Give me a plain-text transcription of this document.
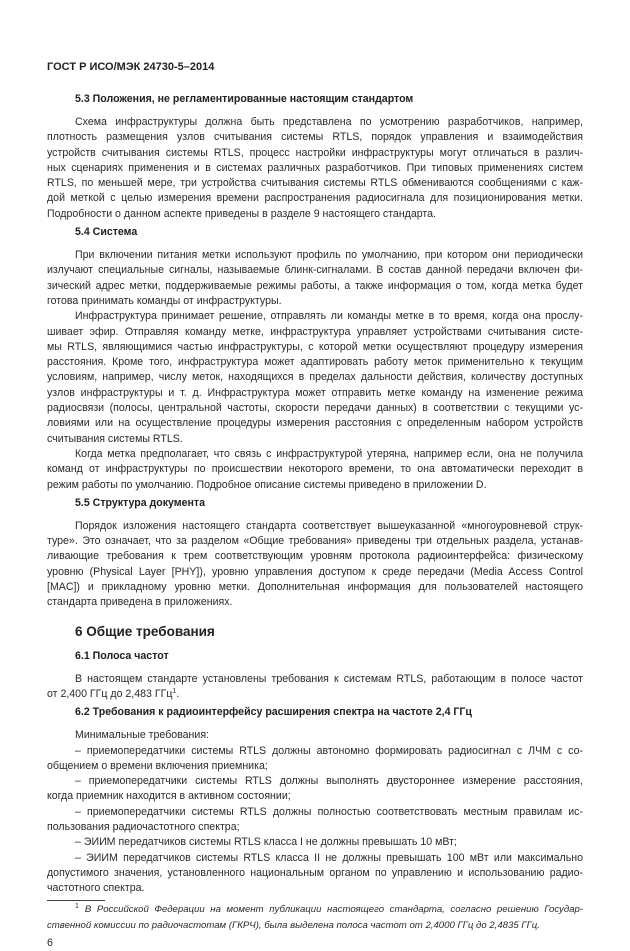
ГОСТ Р ИСО/МЭК 24730-5–2014
5.3 Положения, не регламентированные настоящим стандартом
Схема инфраструктуры должна быть представлена по усмотрению разработчиков, например,
плотность размещения узлов считывания системы RTLS, порядок управления и взаимодействия
устройств считывания системы RTLS, процесс настройки инфраструктуры могут отличаться в различ-
ных сценариях применения и в системах различных разработчиков. При типовых применениях систем
RTLS, по меньшей мере, три устройства считывания системы RTLS обмениваются сообщениями с каж-
дой меткой с целью измерения времени распространения радиосигнала для позиционирования метки.
Подробности о данном аспекте приведены в разделе 9 настоящего стандарта.
5.4 Система
При включении питания метки используют профиль по умолчанию, при котором они периодически
излучают специальные сигналы, называемые блинк-сигналами. В состав данной передачи включен фи-
зический адрес метки, поддерживаемые режимы работы, а также информация о том, когда метка будет
готова принимать команды от инфраструктуры.
Инфраструктура принимает решение, отправлять ли команды метке в то время, когда она прослу-
шивает эфир. Отправляя команду метке, инфраструктура управляет устройствами считывания систе-
мы RTLS, являющимися частью инфраструктуры, с которой метки осуществляют процедуру измерения
расстояния. Кроме того, инфраструктура может адаптировать работу меток применительно к текущим
условиям, например, числу меток, находящихся в пределах дальности действия, количеству доступных
узлов инфраструктуры и т. д. Инфраструктура может отправить метке команду на изменение режима
радиосвязи (полосы, центральной частоты, скорости передачи данных) в соответствии с текущими ус-
ловиями или на осуществление процедуры измерения расстояния с определенным набором устройств
считывания системы RTLS.
Когда метка предполагает, что связь с инфраструктурой утеряна, например если, она не получила
команд от инфраструктуры по происшествии некоторого времени, то она автоматически переходит в
режим работы по умолчанию. Подробное описание системы приведено в приложении D.
5.5 Структура документа
Порядок изложения настоящего стандарта соответствует вышеуказанной «многоуровневой струк-
туре». Это означает, что за разделом «Общие требования» приведены три отдельных раздела, устанав-
ливающие требования к трем соответствующим уровням протокола радиоинтерфейса: физическому
уровню (Physical Layer [PHY]), уровню управления доступом к среде передачи (Media Access Control
[MAC]) и прикладному уровню метки. Дополнительная информация для пользователей настоящего
стандарта приведена в приложениях.
6 Общие требования
6.1 Полоса частот
В настоящем стандарте установлены требования к системам RTLS, работающим в полосе частот
от 2,400 ГГц до 2,483 ГГц$^1$.
6.2 Требования к радиоинтерфейсу расширения спектра на частоте 2,4 ГГц
Минимальные требования:
– приемопередатчики системы RTLS должны автономно формировать радиосигнал с ЛЧМ с со-
общением о времени включения приемника;
– приемопередатчики системы RTLS должны выполнять двустороннее измерение расстояния,
когда приемник находится в активном состоянии;
– приемопередатчики системы RTLS должны полностью соответствовать местным правилам ис-
пользования радиочастотного спектра;
– ЭИИМ передатчиков системы RTLS класса I не должны превышать 10 мВт;
– ЭИИМ передатчиков системы RTLS класса II не должны превышать 100 мВт или максимально
допустимого значения, установленного национальным органом по управлению и использованию радио-
частотного спектра.
$^1$ В Российской Федерации на момент публикации настоящего стандарта, согласно решению Государ-
ственной комиссии по радиочастотам (ГКРЧ), была выделена полоса частот от 2,4000 ГГц до 2,4835 ГГц.
6
